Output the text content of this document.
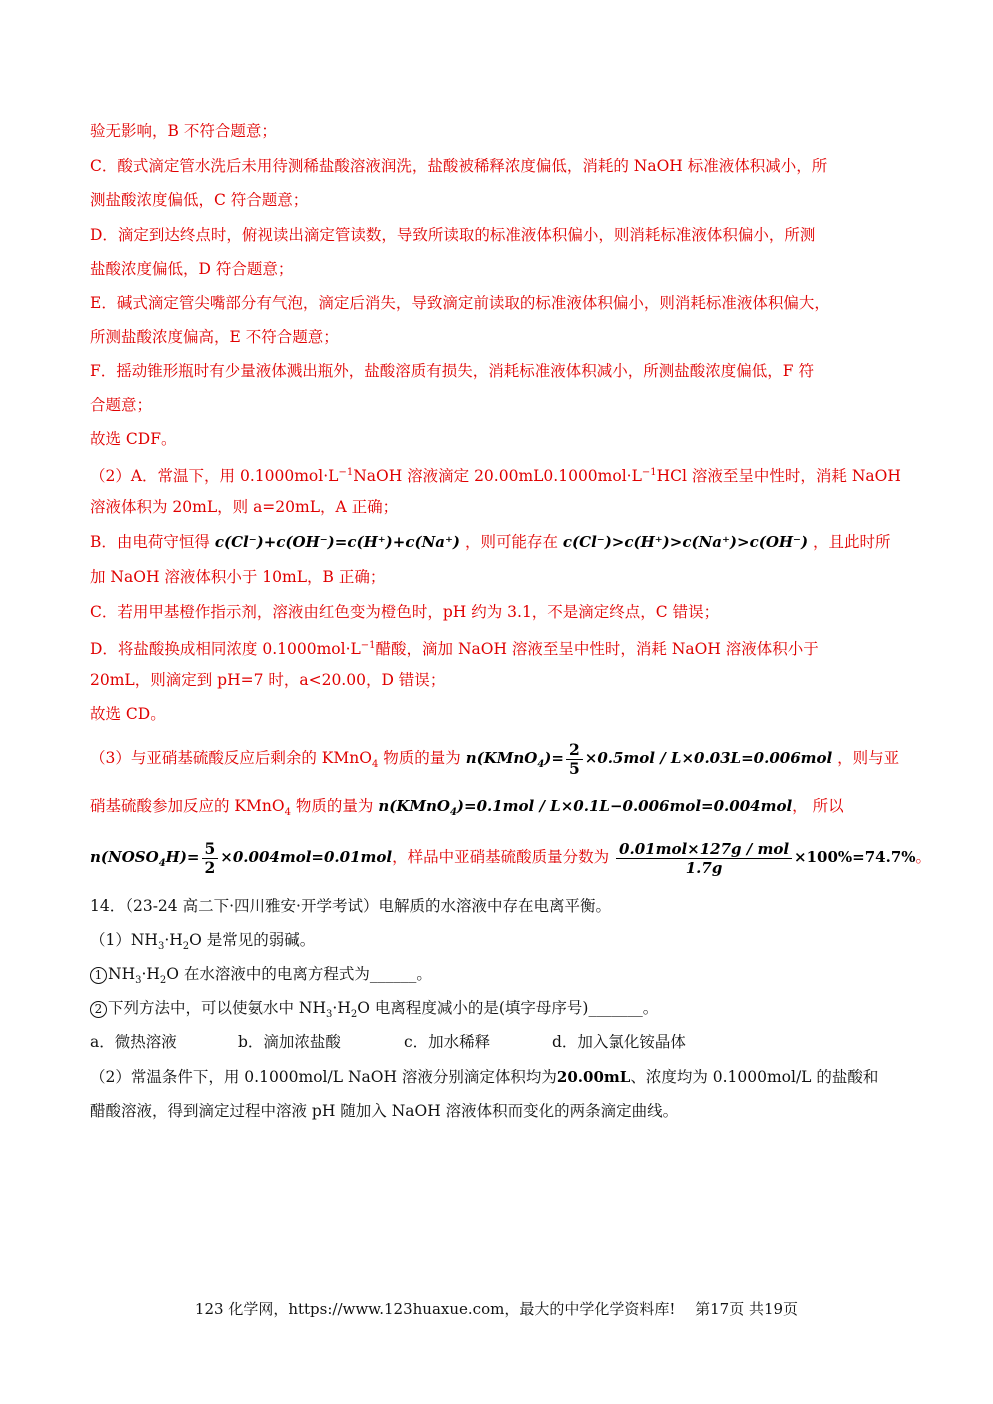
验无影响，B 不符合题意；
C．酸式滴定管水洗后未用待测稀盐酸溶液润洗，盐酸被稀释浓度偏低，消耗的 NaOH 标准液体积减小，所
测盐酸浓度偏低，C 符合题意；
D．滴定到达终点时，俯视读出滴定管读数，导致所读取的标准液体积偏小，则消耗标准液体积偏小，所测
盐酸浓度偏低，D 符合题意；
E．碱式滴定管尖嘴部分有气泡，滴定后消失，导致滴定前读取的标准液体积偏小，则消耗标准液体积偏大，
所测盐酸浓度偏高，E 不符合题意；
F．摇动锥形瓶时有少量液体溅出瓶外，盐酸溶质有损失，消耗标准液体积减小，所测盐酸浓度偏低，F 符
合题意；
故选 CDF。
（2）A．常温下，用 $0.1000mol\cdot L^{-1}NaOH$ 溶液滴定 $20.00mL0.1000mol\cdot L^{-1}HCl$ 溶液至呈中性时，消耗 NaOH
溶液体积为 20mL，则 a=20mL，A 正确；
B．由电荷守恒得 c(Cl⁻)+c(OH⁻)=c(H⁺)+c(Na⁺) ，则可能存在 c(Cl⁻)>c(H⁺)>c(Na⁺)>c(OH⁻) ，且此时所
加 NaOH 溶液体积小于 10mL，B 正确；
C．若用甲基橙作指示剂，溶液由红色变为橙色时，pH 约为 3.1，不是滴定终点，C 错误；
D．将盐酸换成相同浓度 $0.1000mol\cdot L^{-1}$醋酸，滴加 NaOH 溶液至呈中性时，消耗 NaOH 溶液体积小于
20mL，则滴定到 pH=7 时，a<20.00，D 错误；
故选 CD。
（3）与亚硝基硫酸反应后剩余的 KMnO$_4$ 物质的量为 n(KMnO$_4$)= $\frac{2}{5} \times 0.5mol / L\times 0.03L=0.006mol$ ，则与亚
硝基硫酸参加反应的 KMnO$_4$ 物质的量为 n(KMnO$_4$)=0.1mol / L×0.1L−0.006mol=0.004mol， 所以
$n(NOSO_4H)= \frac{5}{2} \times 0.004mol=0.01mol$，样品中亚硝基硫酸质量分数为 $\frac{\text{0.01mol×127g / mol}}{1.7g} \times 100\%=74.7\%$。
14．（23-24 高二下·四川雅安·开学考试）电解质的水溶液中存在电离平衡。
$(1)NH_3\cdot H_2O$ 是常见的弱碱。
1 $NH_3\cdot H_2O$ 在水溶液中的电离方程式为______。
2 下列方法中，可以使氨水中 $NH_3\cdot H_2O$ 电离程度减小的是(填字母序号)_______。
a．微热溶液	b．滴加浓盐酸	c．加水稀释	d．加入氯化铵晶体
（2）常温条件下，用 0.1000mol/L NaOH 溶液分别滴定体积均为20.00mL、浓度均为 0.1000mol/L 的盐酸和
醋酸溶液，得到滴定过程中溶液 pH 随加入 NaOH 溶液体积而变化的两条滴定曲线。
123 化学网，https://www.123huaxue.com，最大的中学化学资料库!　 第17页 共19页
